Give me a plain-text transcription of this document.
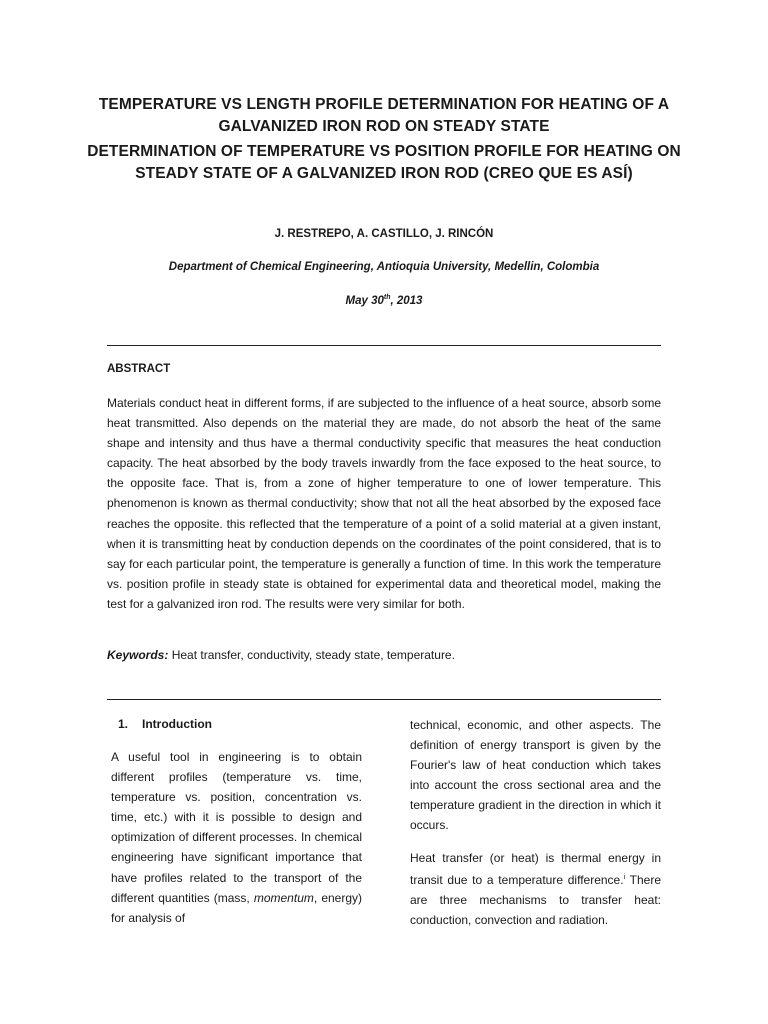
TEMPERATURE VS LENGTH PROFILE DETERMINATION FOR HEATING OF A GALVANIZED IRON ROD ON STEADY STATE
DETERMINATION OF TEMPERATURE VS POSITION PROFILE FOR HEATING ON STEADY STATE OF A GALVANIZED IRON ROD (CREO QUE ES ASÍ)
J. RESTREPO, A. CASTILLO, J. RINCÓN
Department of Chemical Engineering, Antioquia University, Medellin, Colombia
May 30th, 2013
ABSTRACT

Materials conduct heat in different forms, if are subjected to the influence of a heat source, absorb some heat transmitted. Also depends on the material they are made, do not absorb the heat of the same shape and intensity and thus have a thermal conductivity specific that measures the heat conduction capacity. The heat absorbed by the body travels inwardly from the face exposed to the heat source, to the opposite face. That is, from a zone of higher temperature to one of lower temperature. This phenomenon is known as thermal conductivity; show that not all the heat absorbed by the exposed face reaches the opposite. this reflected that the temperature of a point of a solid material at a given instant, when it is transmitting heat by conduction depends on the coordinates of the point considered, that is to say for each particular point, the temperature is generally a function of time. In this work the temperature vs. position profile in steady state is obtained for experimental data and theoretical model, making the test for a galvanized iron rod. The results were very similar for both.

Keywords: Heat transfer, conductivity, steady state, temperature.
1. Introduction

A useful tool in engineering is to obtain different profiles (temperature vs. time, temperature vs. position, concentration vs. time, etc.) with it is possible to design and optimization of different processes. In chemical engineering have significant importance that have profiles related to the transport of the different quantities (mass, momentum, energy) for analysis of

technical, economic, and other aspects. The definition of energy transport is given by the Fourier's law of heat conduction which takes into account the cross sectional area and the temperature gradient in the direction in which it occurs.

Heat transfer (or heat) is thermal energy in transit due to a temperature difference.$^i$ There are three mechanisms to transfer heat: conduction, convection and radiation.
